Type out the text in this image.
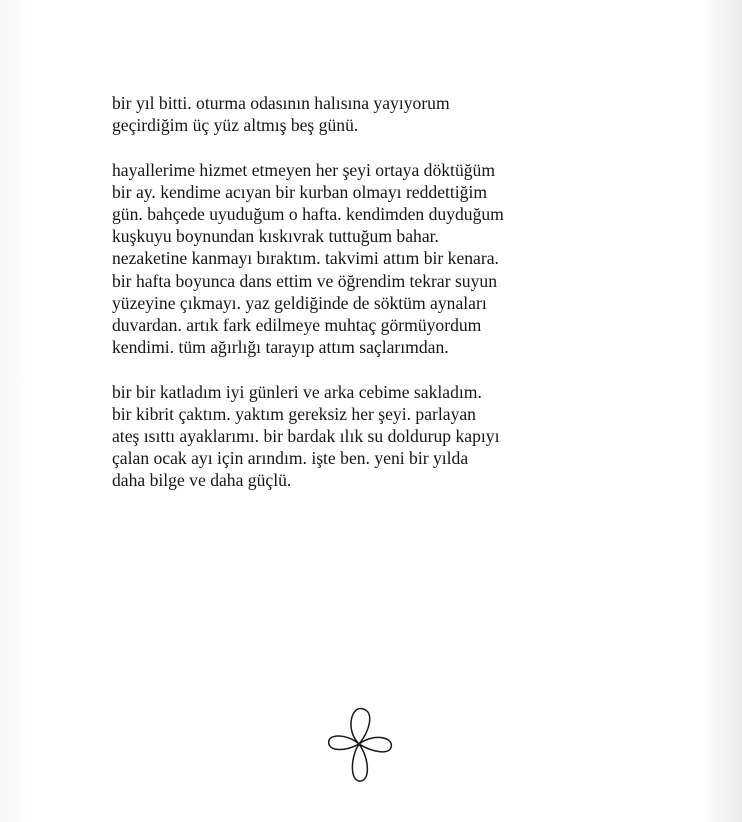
bir yıl bitti. oturma odasının halısına yayıyorum
geçirdiğim üç yüz altmış beş günü.

hayallerime hizmet etmeyen her şeyi ortaya döktüğüm
bir ay. kendime acıyan bir kurban olmayı reddettiğim
gün. bahçede uyuduğum o hafta. kendimden duyduğum
kuşkuyu boynundan kıskıvrak tuttuğum bahar.
nezaketine kanmayı bıraktım. takvimi attım bir kenara.
bir hafta boyunca dans ettim ve öğrendim tekrar suyun
yüzeyine çıkmayı. yaz geldiğinde de söktüm aynaları
duvardan. artık fark edilmeye muhtaç görmüyordum
kendimi. tüm ağırlığı tarayıp attım saçlarımdan.

bir bir katladım iyi günleri ve arka cebime sakladım.
bir kibrit çaktım. yaktım gereksiz her şeyi. parlayan
ateş ısıttı ayaklarımı. bir bardak ılık su doldurup kapıyı
çalan ocak ayı için arındım. işte ben. yeni bir yılda
daha bilge ve daha güçlü.
